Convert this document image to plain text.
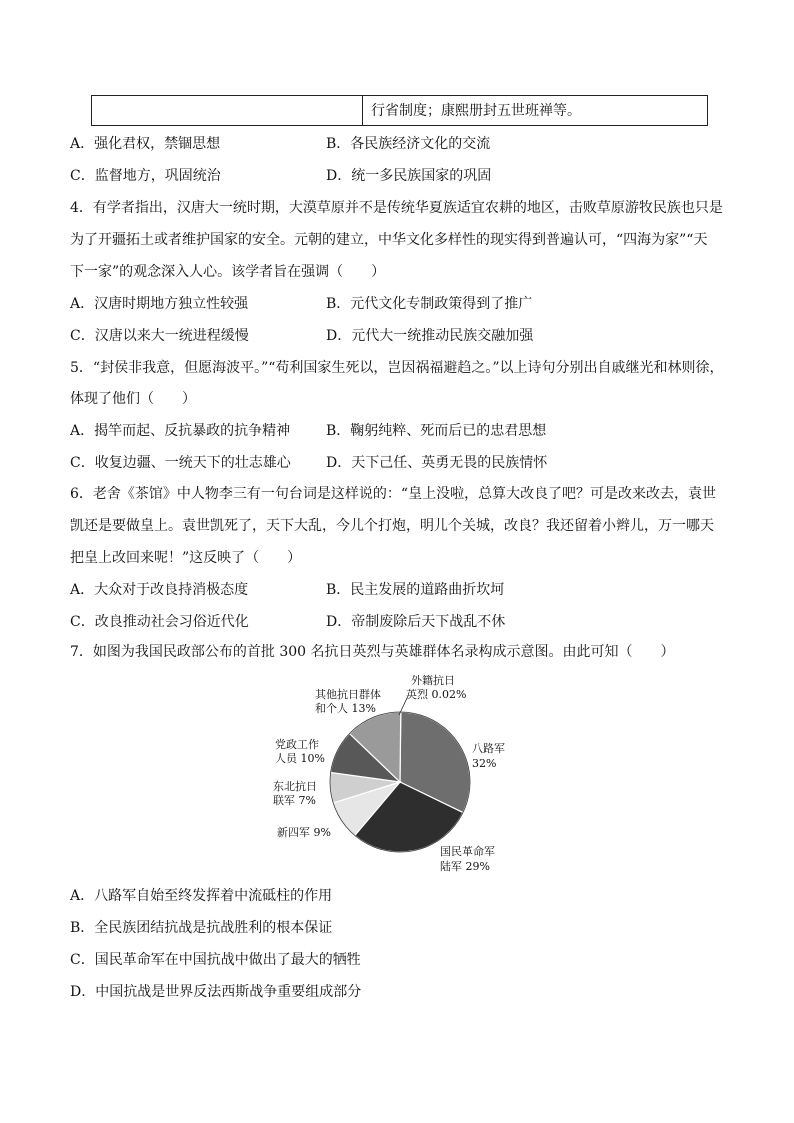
行省制度；康熙册封五世班禅等。
A．强化君权，禁锢思想	B．各民族经济文化的交流
C．监督地方，巩固统治	D．统一多民族国家的巩固
4．有学者指出，汉唐大一统时期，大漠草原并不是传统华夏族适宜农耕的地区，击败草原游牧民族也只是
为了开疆拓土或者维护国家的安全。元朝的建立，中华文化多样性的现实得到普遍认可，“四海为家”“天
下一家”的观念深入人心。该学者旨在强调（　　）
A．汉唐时期地方独立性较强	B．元代文化专制政策得到了推广
C．汉唐以来大一统进程缓慢	D．元代大一统推动民族交融加强
5．“封侯非我意，但愿海波平。”“苟利国家生死以，岂因祸福避趋之。”以上诗句分别出自戚继光和林则徐，
体现了他们（　　）
A．揭竿而起、反抗暴政的抗争精神	B．鞠躬纯粹、死而后已的忠君思想
C．收复边疆、一统天下的壮志雄心	D．天下己任、英勇无畏的民族情怀
6．老舍《茶馆》中人物李三有一句台词是这样说的：“皇上没啦，总算大改良了吧？可是改来改去，袁世
凯还是要做皇上。袁世凯死了，天下大乱，今儿个打炮，明儿个关城，改良？我还留着小辫儿，万一哪天
把皇上改回来呢！”这反映了（　　）
A．大众对于改良持消极态度	B．民主发展的道路曲折坎坷
C．改良推动社会习俗近代化	D．帝制废除后天下战乱不休
7．如图为我国民政部公布的首批 300 名抗日英烈与英雄群体名录构成示意图。由此可知（　　）
外籍抗日
英烈 0.02%
八路军
32%
国民革命军
陆军 29%
新四军 9%
东北抗日
联军 7%
党政工作
人员 10%
其他抗日群体
和个人 13%
A．八路军自始至终发挥着中流砥柱的作用
B．全民族团结抗战是抗战胜利的根本保证
C．国民革命军在中国抗战中做出了最大的牺牲
D．中国抗战是世界反法西斯战争重要组成部分
